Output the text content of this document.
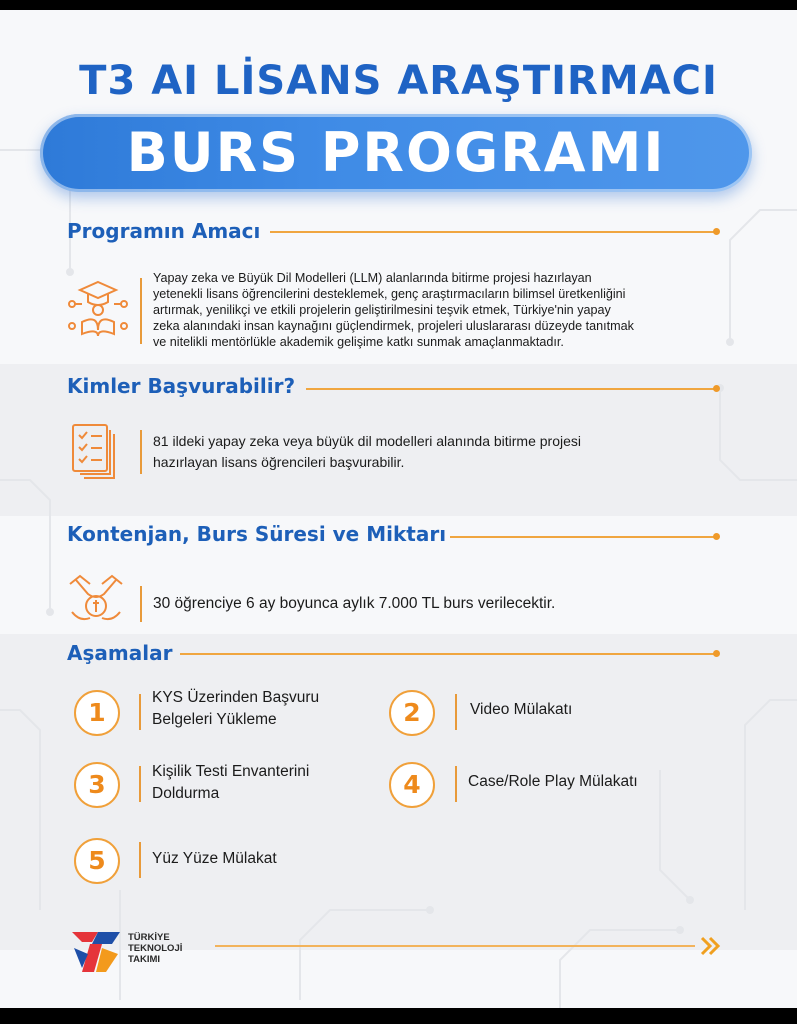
T3 AI LİSANS ARAŞTIRMACI
BURS PROGRAMI
Programın Amacı
Yapay zeka ve Büyük Dil Modelleri (LLM) alanlarında bitirme projesi hazırlayan
yetenekli lisans öğrencilerini desteklemek, genç araştırmacıların bilimsel üretkenliğini
artırmak, yenilikçi ve etkili projelerin geliştirilmesini teşvik etmek, Türkiye'nin yapay
zeka alanındaki insan kaynağını güçlendirmek, projeleri uluslararası düzeyde tanıtmak
ve nitelikli mentörlükle akademik gelişime katkı sunmak amaçlanmaktadır.
Kimler Başvurabilir?
81 ildeki yapay zeka veya büyük dil modelleri alanında bitirme projesi
hazırlayan lisans öğrencileri başvurabilir.
Kontenjan, Burs Süresi ve Miktarı
30 öğrenciye 6 ay boyunca aylık 7.000 TL burs verilecektir.
Aşamalar
1
KYS Üzerinden Başvuru
Belgeleri Yükleme	2	Video Mülakatı
3	Kişilik Testi Envanterini
Doldurma	4	Case/Role Play Mülakatı
5	Yüz Yüze Mülakat
TÜRKİYE
TEKNOLOJİ
TAKIMI
